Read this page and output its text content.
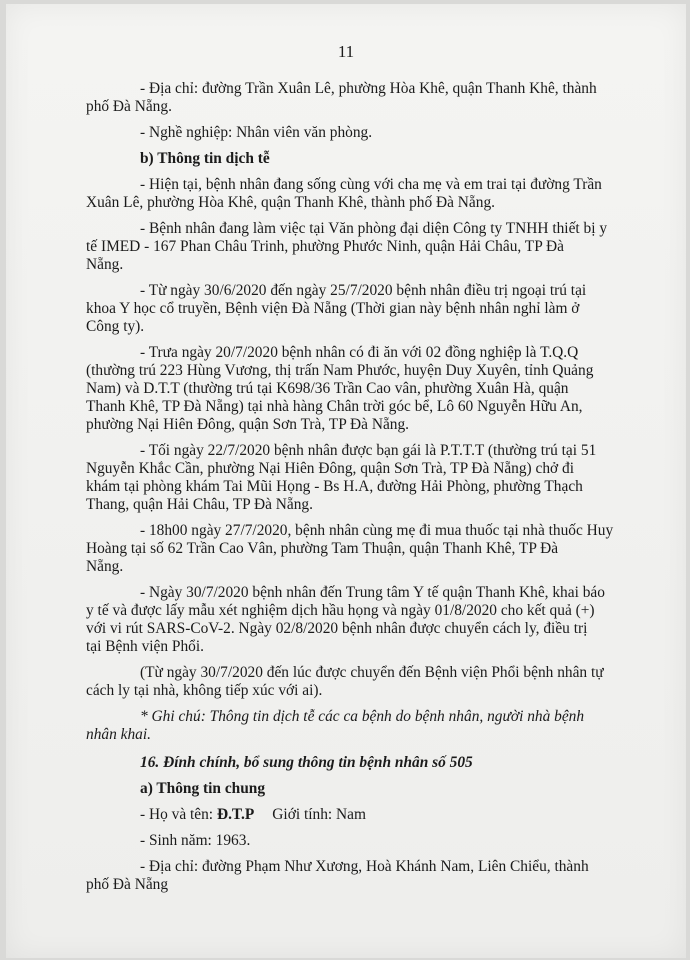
11
- Địa chỉ: đường Trần Xuân Lê, phường Hòa Khê, quận Thanh Khê, thành
phố Đà Nẵng.
- Nghề nghiệp: Nhân viên văn phòng.
b) Thông tin dịch tễ
- Hiện tại, bệnh nhân đang sống cùng với cha mẹ và em trai tại đường Trần
Xuân Lê, phường Hòa Khê, quận Thanh Khê, thành phố Đà Nẵng.
- Bệnh nhân đang làm việc tại Văn phòng đại diện Công ty TNHH thiết bị y
tế IMED - 167 Phan Châu Trinh, phường Phước Ninh, quận Hải Châu, TP Đà
Nẵng.
- Từ ngày 30/6/2020 đến ngày 25/7/2020 bệnh nhân điều trị ngoại trú tại
khoa Y học cổ truyền, Bệnh viện Đà Nẵng (Thời gian này bệnh nhân nghỉ làm ở
Công ty).
- Trưa ngày 20/7/2020 bệnh nhân có đi ăn với 02 đồng nghiệp là T.Q.Q
(thường trú 223 Hùng Vương, thị trấn Nam Phước, huyện Duy Xuyên, tỉnh Quảng
Nam) và D.T.T (thường trú tại K698/36 Trần Cao vân, phường Xuân Hà, quận
Thanh Khê, TP Đà Nẵng) tại nhà hàng Chân trời góc bể, Lô 60 Nguyễn Hữu An,
phường Nại Hiên Đông, quận Sơn Trà, TP Đà Nẵng.
- Tối ngày 22/7/2020 bệnh nhân được bạn gái là P.T.T.T (thường trú tại 51
Nguyễn Khắc Cần, phường Nại Hiên Đông, quận Sơn Trà, TP Đà Nẵng) chở đi
khám tại phòng khám Tai Mũi Họng - Bs H.A, đường Hải Phòng, phường Thạch
Thang, quận Hải Châu, TP Đà Nẵng.
- 18h00 ngày 27/7/2020, bệnh nhân cùng mẹ đi mua thuốc tại nhà thuốc Huy
Hoàng tại số 62 Trần Cao Vân, phường Tam Thuận, quận Thanh Khê, TP Đà
Nẵng.
- Ngày 30/7/2020 bệnh nhân đến Trung tâm Y tế quận Thanh Khê, khai báo
y tế và được lấy mẫu xét nghiệm dịch hầu họng và ngày 01/8/2020 cho kết quả (+)
với vi rút SARS-CoV-2. Ngày 02/8/2020 bệnh nhân được chuyển cách ly, điều trị
tại Bệnh viện Phổi.
(Từ ngày 30/7/2020 đến lúc được chuyển đến Bệnh viện Phổi bệnh nhân tự
cách ly tại nhà, không tiếp xúc với ai).
* Ghi chú: Thông tin dịch tễ các ca bệnh do bệnh nhân, người nhà bệnh
nhân khai.
16. Đính chính, bổ sung thông tin bệnh nhân số 505
a) Thông tin chung
- Họ và tên: Đ.T.P Giới tính: Nam
- Sinh năm: 1963.
- Địa chỉ: đường Phạm Như Xương, Hoà Khánh Nam, Liên Chiểu, thành
phố Đà Nẵng
